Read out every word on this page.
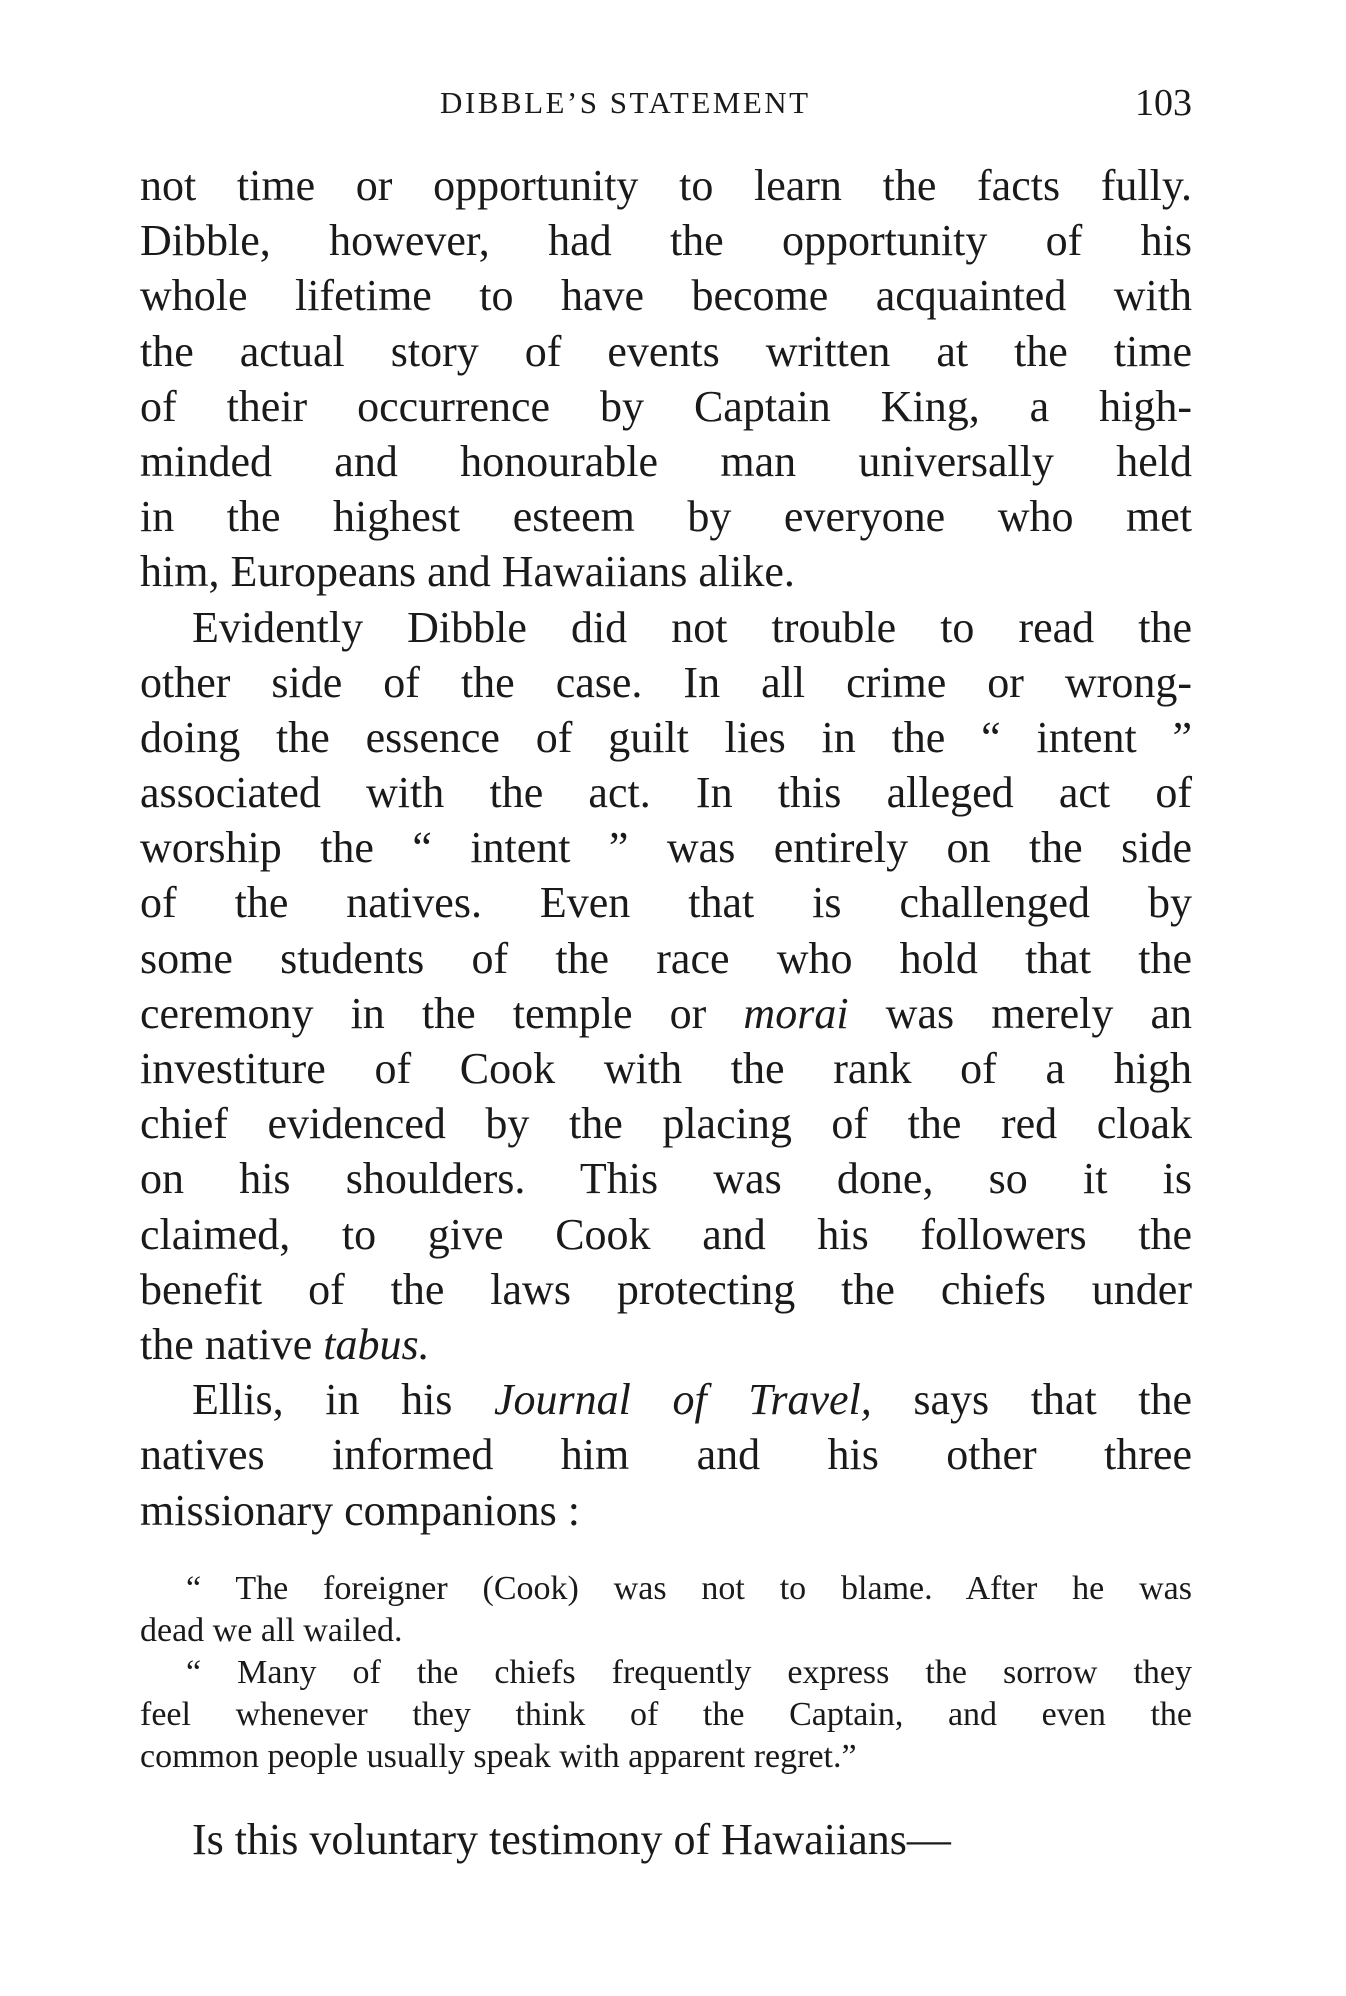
DIBBLE’S STATEMENT	103
not time or opportunity to learn the facts fully.
Dibble, however, had the opportunity of his
whole lifetime to have become acquainted with
the actual story of events written at the time
of their occurrence by Captain King, a high-
minded and honourable man universally held
in the highest esteem by everyone who met
him, Europeans and Hawaiians alike.
Evidently Dibble did not trouble to read the
other side of the case. In all crime or wrong-
doing the essence of guilt lies in the “ intent ”
associated with the act. In this alleged act of
worship the “ intent ” was entirely on the side
of the natives. Even that is challenged by
some students of the race who hold that the
ceremony in the temple or morai was merely an
investiture of Cook with the rank of a high
chief evidenced by the placing of the red cloak
on his shoulders. This was done, so it is
claimed, to give Cook and his followers the
benefit of the laws protecting the chiefs under
the native tabus.
Ellis, in his Journal of Travel, says that the
natives informed him and his other three
missionary companions :
“ The foreigner (Cook) was not to blame. After he was
dead we all wailed.
“ Many of the chiefs frequently express the sorrow they
feel whenever they think of the Captain, and even the
common people usually speak with apparent regret.”
Is this voluntary testimony of Hawaiians—
